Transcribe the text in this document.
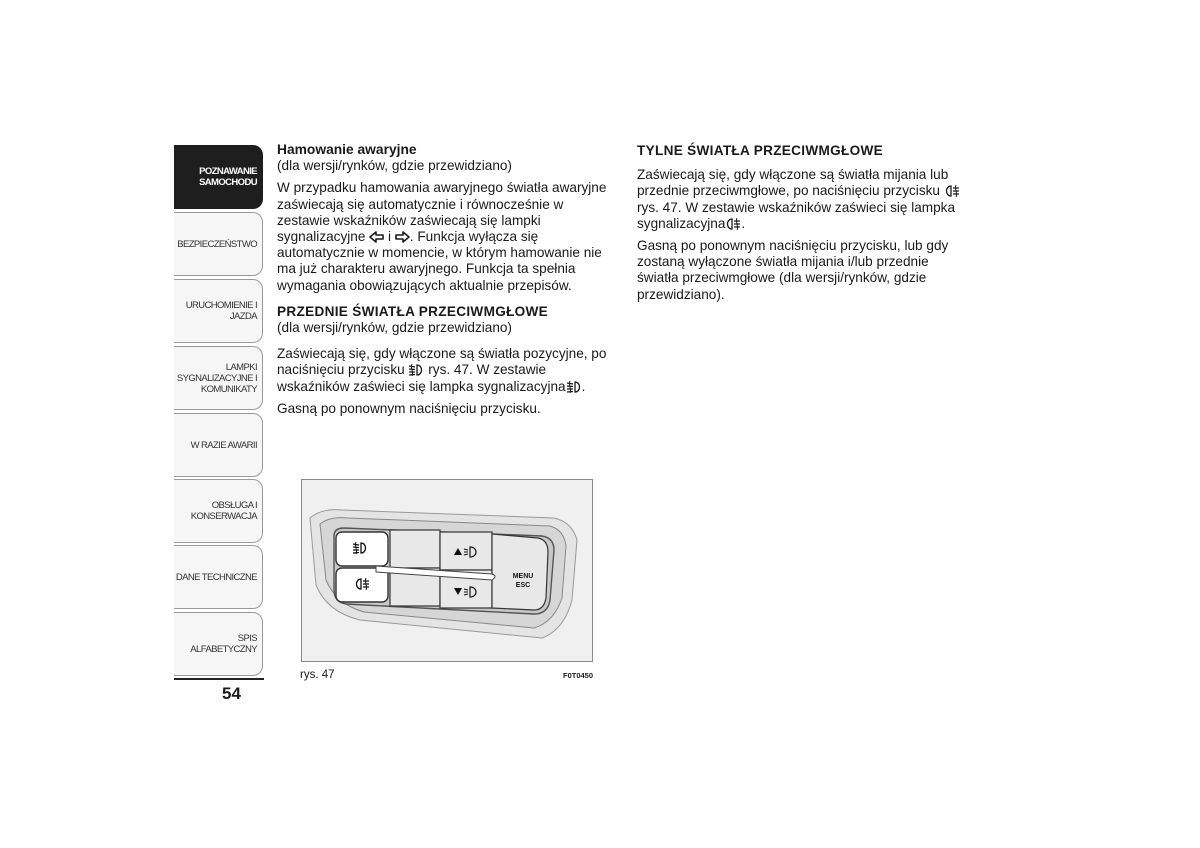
POZNAWANIE
SAMOCHODU
BEZPIECZEŃSTWO
URUCHOMIENIE I
JAZDA
LAMPKI
SYGNALIZACYJNE I
KOMUNIKATY
W RAZIE AWARII
OBSŁUGA I
KONSERWACJA
DANE TECHNICZNE
SPIS ALFABETYCZNY
54
Hamowanie awaryjne
(dla wersji/rynków, gdzie przewidziano)

W przypadku hamowania awaryjnego światła awaryjne zaświecają się automatycznie i równocześnie w zestawie wskaźników zaświecają się lampki sygnalizacyjne i . Funkcja wyłącza się automatycznie w momencie, w którym hamowanie nie ma już charakteru awaryjnego. Funkcja ta spełnia wymagania obowiązujących aktualnie przepisów.

PRZEDNIE ŚWIATŁA PRZECIWMGŁOWE
(dla wersji/rynków, gdzie przewidziano)

Zaświecają się, gdy włączone są światła pozycyjne, po naciśnięciu przycisku rys. 47. W zestawie wskaźników zaświeci się lampka sygnalizacyjna .

Gasną po ponownym naciśnięciu przycisku.

TYLNE ŚWIATŁA PRZECIWMGŁOWE

Zaświecają się, gdy włączone są światła mijania lub przednie przeciwmgłowe, po naciśnięciu przycisku  rys. 47. W zestawie wskaźników zaświeci się lampka sygnalizacyjna .

Gasną po ponownym naciśnięciu przycisku, lub gdy zostaną wyłączone światła mijania i/lub przednie światła przeciwmgłowe (dla wersji/rynków, gdzie przewidziano).

MENU
ESC
rys. 47	F0T0450
